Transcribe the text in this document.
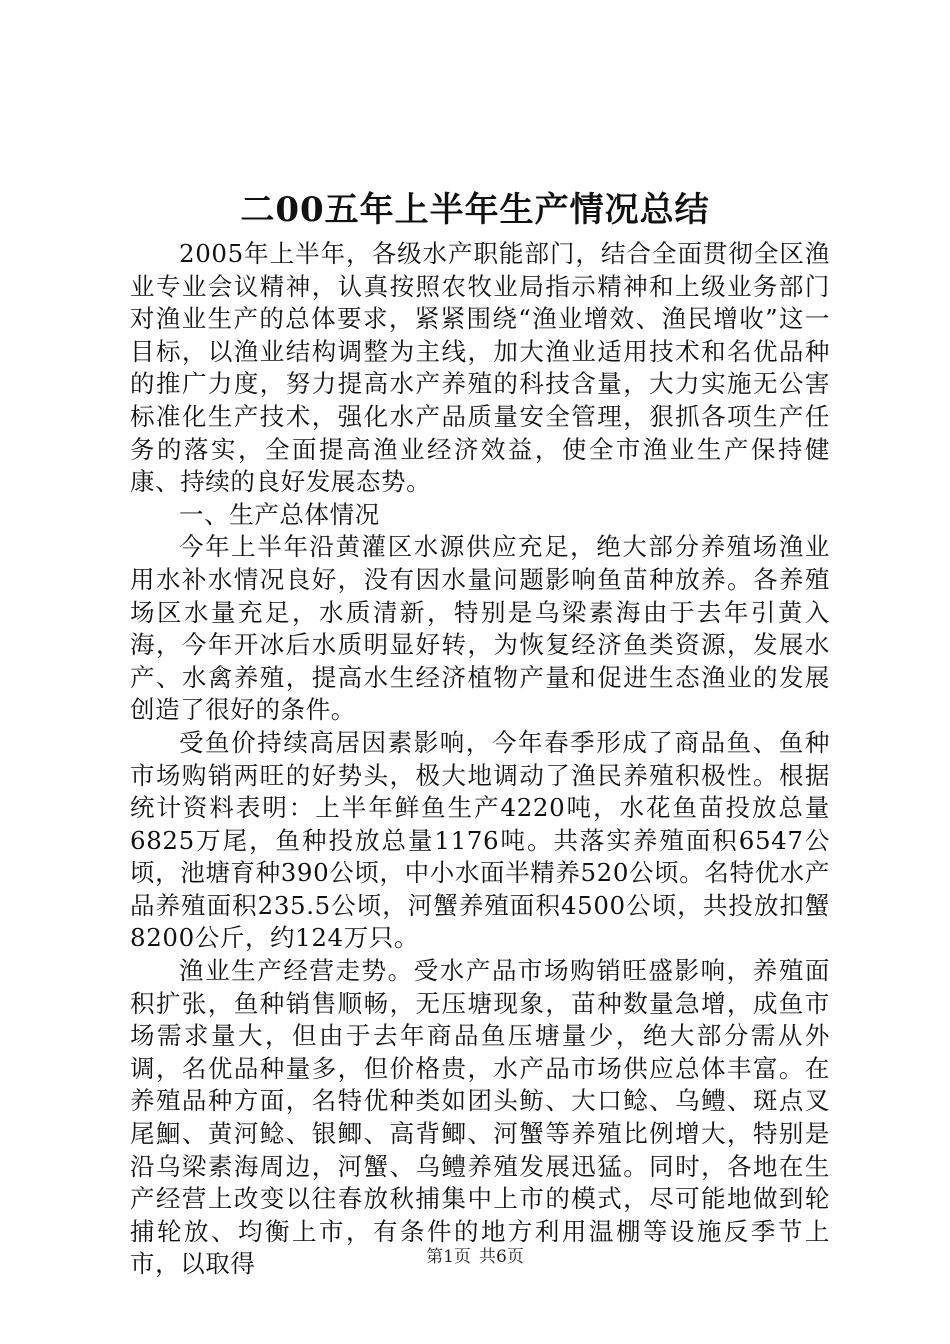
二00五年上半年生产情况总结

2005年上半年，各级水产职能部门，结合全面贯彻全区渔业专业会议精神，认真按照农牧业局指示精神和上级业务部门对渔业生产的总体要求，紧紧围绕“渔业增效、渔民增收”这一目标，以渔业结构调整为主线，加大渔业适用技术和名优品种的推广力度，努力提高水产养殖的科技含量，大力实施无公害标准化生产技术，强化水产品质量安全管理，狠抓各项生产任务的落实，全面提高渔业经济效益，使全市渔业生产保持健康、持续的良好发展态势。

一、生产总体情况

今年上半年沿黄灌区水源供应充足，绝大部分养殖场渔业用水补水情况良好，没有因水量问题影响鱼苗种放养。各养殖场区水量充足，水质清新，特别是乌梁素海由于去年引黄入海，今年开冰后水质明显好转，为恢复经济鱼类资源，发展水产、水禽养殖，提高水生经济植物产量和促进生态渔业的发展创造了很好的条件。

受鱼价持续高居因素影响，今年春季形成了商品鱼、鱼种市场购销两旺的好势头，极大地调动了渔民养殖积极性。根据统计资料表明：上半年鲜鱼生产4220吨，水花鱼苗投放总量6825万尾，鱼种投放总量1176吨。共落实养殖面积6547公顷，池塘育种390公顷，中小水面半精养520公顷。名特优水产品养殖面积235.5公顷，河蟹养殖面积4500公顷，共投放扣蟹8200公斤，约124万只。

渔业生产经营走势。受水产品市场购销旺盛影响，养殖面积扩张，鱼种销售顺畅，无压塘现象，苗种数量急增，成鱼市场需求量大，但由于去年商品鱼压塘量少，绝大部分需从外调，名优品种量多，但价格贵，水产品市场供应总体丰富。在养殖品种方面，名特优种类如团头鲂、大口鲶、乌鳢、斑点叉尾鮰、黄河鲶、银鲫、高背鲫、河蟹等养殖比例增大，特别是沿乌梁素海周边，河蟹、乌鳢养殖发展迅猛。同时，各地在生产经营上改变以往春放秋捕集中上市的模式，尽可能地做到轮捕轮放、均衡上市，有条件的地方利用温棚等设施反季节上市，以取得	第1页 共6页
